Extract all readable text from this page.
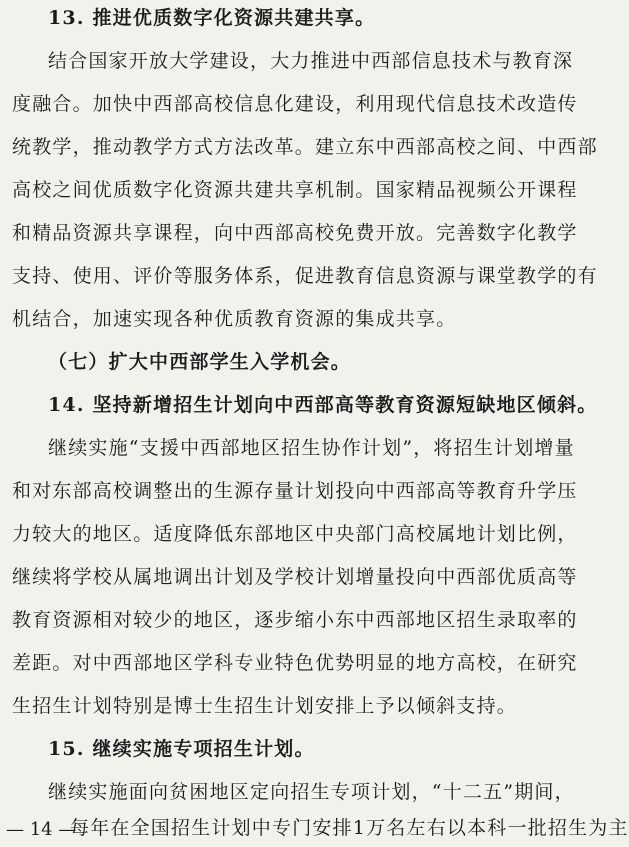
13. 推进优质数字化资源共建共享。
结合国家开放大学建设，大力推进中西部信息技术与教育深
度融合。加快中西部高校信息化建设，利用现代信息技术改造传
统教学，推动教学方式方法改革。建立东中西部高校之间、中西部
高校之间优质数字化资源共建共享机制。国家精品视频公开课程
和精品资源共享课程，向中西部高校免费开放。完善数字化教学
支持、使用、评价等服务体系，促进教育信息资源与课堂教学的有
机结合，加速实现各种优质教育资源的集成共享。
（七）扩大中西部学生入学机会。
14. 坚持新增招生计划向中西部高等教育资源短缺地区倾斜。
继续实施“支援中西部地区招生协作计划”，将招生计划增量
和对东部高校调整出的生源存量计划投向中西部高等教育升学压
力较大的地区。适度降低东部地区中央部门高校属地计划比例，
继续将学校从属地调出计划及学校计划增量投向中西部优质高等
教育资源相对较少的地区，逐步缩小东中西部地区招生录取率的
差距。对中西部地区学科专业特色优势明显的地方高校，在研究
生招生计划特别是博士生招生计划安排上予以倾斜支持。
15. 继续实施专项招生计划。
继续实施面向贫困地区定向招生专项计划，“十二五”期间，
每年在全国招生计划中专门安排1万名左右以本科一批招生为主
— 14 —
